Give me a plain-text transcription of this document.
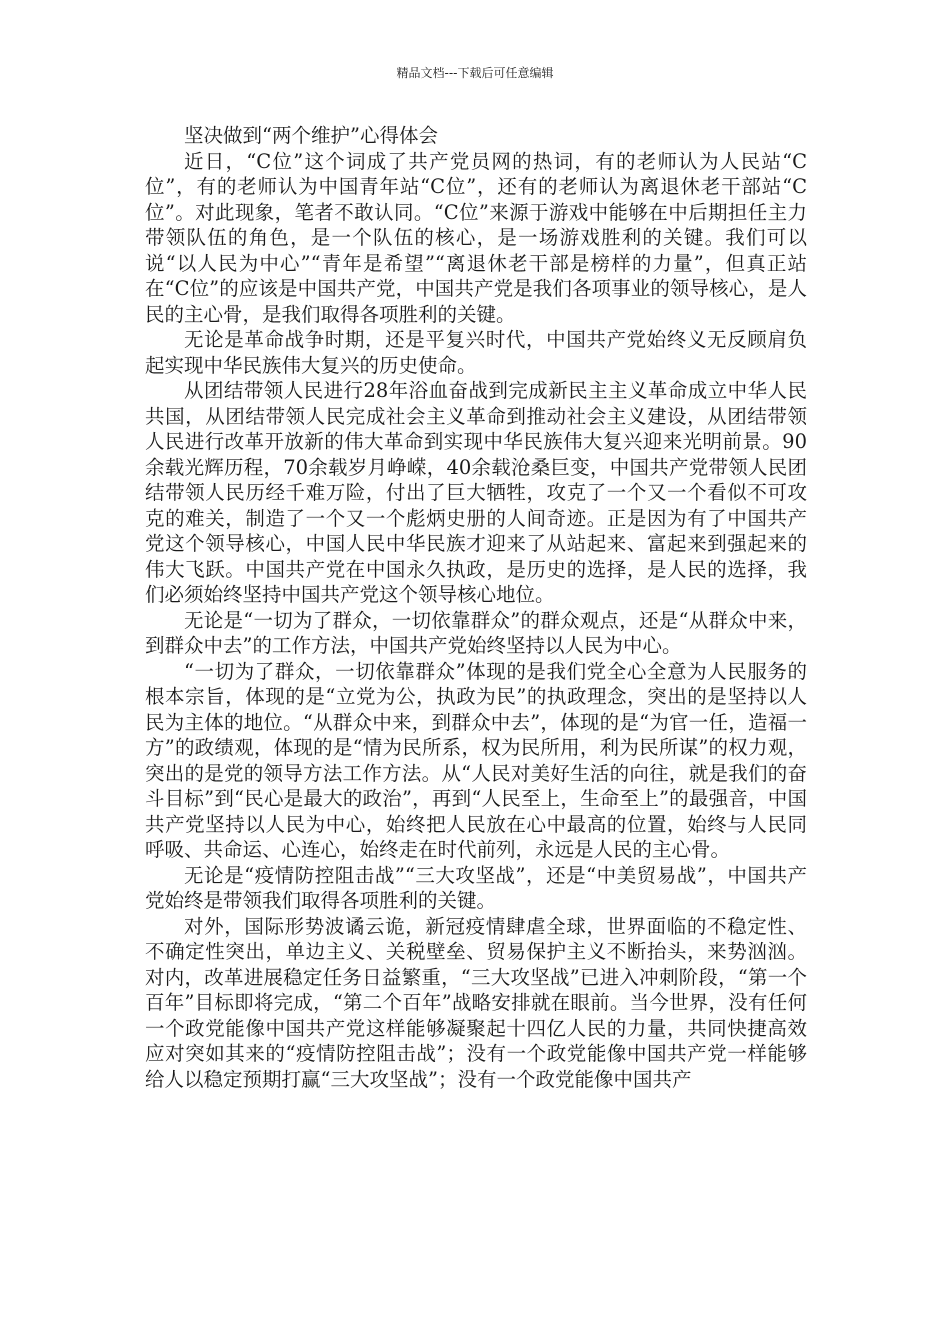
精品文档---下载后可任意编辑

坚决做到“两个维护”心得体会

近日，“C位”这个词成了共产党员网的热词，有的老师认为人民站“C位”，有的老师认为中国青年站“C位”，还有的老师认为离退休老干部站“C位”。对此现象，笔者不敢认同。“C位”来源于游戏中能够在中后期担任主力带领队伍的角色，是一个队伍的核心，是一场游戏胜利的关键。我们可以说“以人民为中心”“青年是希望”“离退休老干部是榜样的力量”，但真正站在“C位”的应该是中国共产党，中国共产党是我们各项事业的领导核心，是人民的主心骨，是我们取得各项胜利的关键。

无论是革命战争时期，还是平复兴时代，中国共产党始终义无反顾肩负起实现中华民族伟大复兴的历史使命。

从团结带领人民进行28年浴血奋战到完成新民主主义革命成立中华人民共国，从团结带领人民完成社会主义革命到推动社会主义建设，从团结带领人民进行改革开放新的伟大革命到实现中华民族伟大复兴迎来光明前景。90余载光辉历程，70余载岁月峥嵘，40余载沧桑巨变，中国共产党带领人民团结带领人民历经千难万险，付出了巨大牺牲，攻克了一个又一个看似不可攻克的难关，制造了一个又一个彪炳史册的人间奇迹。正是因为有了中国共产党这个领导核心，中国人民中华民族才迎来了从站起来、富起来到强起来的伟大飞跃。中国共产党在中国永久执政，是历史的选择，是人民的选择，我们必须始终坚持中国共产党这个领导核心地位。

无论是“一切为了群众，一切依靠群众”的群众观点，还是“从群众中来，到群众中去”的工作方法，中国共产党始终坚持以人民为中心。

“一切为了群众，一切依靠群众”体现的是我们党全心全意为人民服务的根本宗旨，体现的是“立党为公，执政为民”的执政理念，突出的是坚持以人民为主体的地位。“从群众中来，到群众中去”，体现的是“为官一任，造福一方”的政绩观，体现的是“情为民所系，权为民所用，利为民所谋”的权力观，突出的是党的领导方法工作方法。从“人民对美好生活的向往，就是我们的奋斗目标”到“民心是最大的政治”，再到“人民至上，生命至上”的最强音，中国共产党坚持以人民为中心，始终把人民放在心中最高的位置，始终与人民同呼吸、共命运、心连心，始终走在时代前列，永远是人民的主心骨。

无论是“疫情防控阻击战”“三大攻坚战”，还是“中美贸易战”，中国共产党始终是带领我们取得各项胜利的关键。

对外，国际形势波谲云诡，新冠疫情肆虐全球，世界面临的不稳定性、不确定性突出，单边主义、关税壁垒、贸易保护主义不断抬头，来势汹汹。对内，改革进展稳定任务日益繁重，“三大攻坚战”已进入冲刺阶段，“第一个百年”目标即将完成，“第二个百年”战略安排就在眼前。当今世界，没有任何一个政党能像中国共产党这样能够凝聚起十四亿人民的力量，共同快捷高效应对突如其来的“疫情防控阻击战”；没有一个政党能像中国共产党一样能够给人以稳定预期打赢“三大攻坚战”；没有一个政党能像中国共产
